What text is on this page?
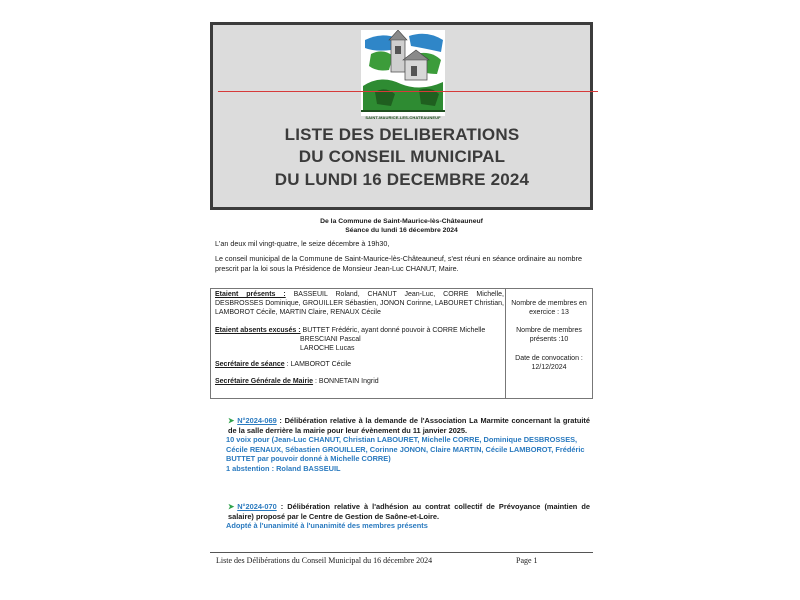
SAINT-MAURICE-LES-CHATEAUNEUF
LISTE DES DELIBERATIONS
DU CONSEIL MUNICIPAL
DU LUNDI 16 DECEMBRE 2024
De la Commune de Saint-Maurice-lès-Châteauneuf
Séance du lundi 16 décembre 2024
L'an deux mil vingt-quatre, le seize décembre à 19h30,
Le conseil municipal de la Commune de Saint-Maurice-lès-Châteauneuf, s'est réuni en séance ordinaire au nombre prescrit par la loi sous la Présidence de Monsieur Jean-Luc CHANUT, Maire.
Etaient présents : BASSEUIL Roland, CHANUT Jean-Luc, CORRE Michelle, DESBROSSES Dominique, GROUILLER Sébastien, JONON Corinne, LABOURET Christian, LAMBOROT Cécile, MARTIN Claire, RENAUX Cécile
Etaient absents excusés : BUTTET Frédéric, ayant donné pouvoir à CORRE Michelle
BRESCIANI Pascal
LAROCHE Lucas
Secrétaire de séance : LAMBOROT Cécile
Secrétaire Générale de Mairie : BONNETAIN Ingrid
Nombre de membres en exercice : 13
Nombre de membres présents :10
Date de convocation :
12/12/2024
➤ N°2024-069 : Délibération relative à la demande de l'Association La Marmite concernant la gratuité de la salle derrière la mairie pour leur évènement du 11 janvier 2025.
10 voix pour (Jean-Luc CHANUT, Christian LABOURET, Michelle CORRE, Dominique DESBROSSES, Cécile RENAUX, Sébastien GROUILLER, Corinne JONON, Claire MARTIN, Cécile LAMBOROT, Frédéric BUTTET par pouvoir donné à Michelle CORRE)
1 abstention : Roland BASSEUIL
➤ N°2024-070 : Délibération relative à l'adhésion au contrat collectif de Prévoyance (maintien de salaire) proposé par le Centre de Gestion de Saône-et-Loire.
Adopté à l'unanimité à l'unanimité des membres présents
Liste des Délibérations du Conseil Municipal du 16 décembre 2024	Page 1
